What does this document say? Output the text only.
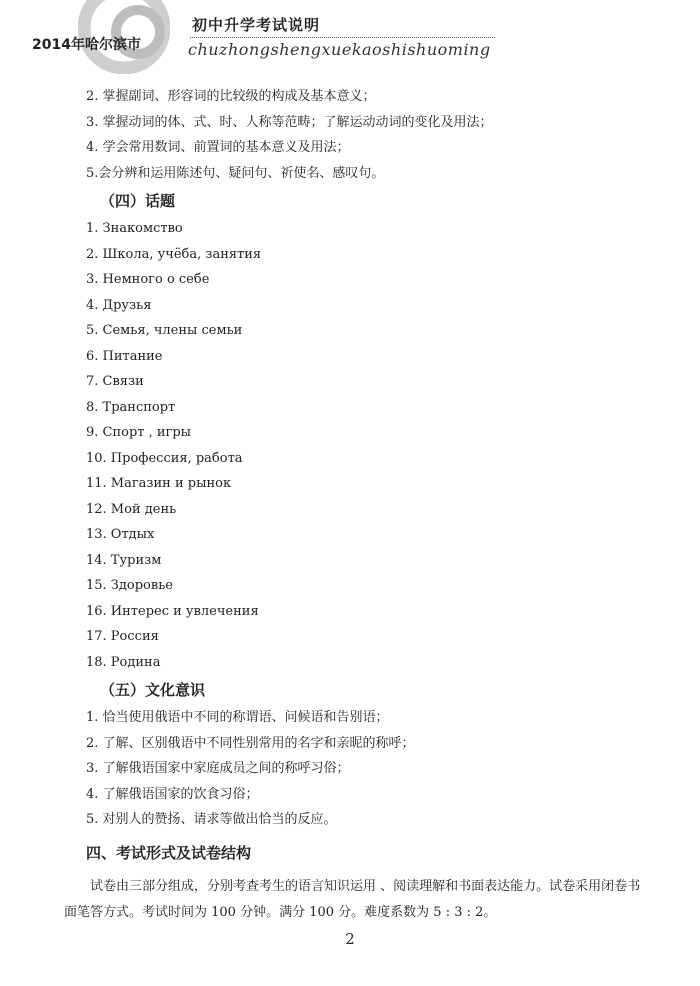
初中升学考试说明
2014年哈尔滨市	chuzhongshengxuekaoshishuoming
2. 掌握副词、形容词的比较级的构成及基本意义；
3. 掌握动词的体、式、时、人称等范畴；了解运动动词的变化及用法；
4. 学会常用数词、前置词的基本意义及用法；
5.会分辨和运用陈述句、疑问句、祈使名、感叹句。
（四）话题
1. Знакомство
2. Школа, учёба, занятия
3. Немного о себе
4. Друзья
5. Семья, члены семьи
6. Питание
7. Связи
8. Транспорт
9. Спорт , игры
10. Профессия, работа
11. Магазин и рынок
12. Мой день
13. Отдых
14. Туризм
15. Здоровье
16. Интерес и увлечения
17. Россия
18. Родина
（五）文化意识
1. 恰当使用俄语中不同的称谓语、问候语和告别语；
2. 了解、区别俄语中不同性别常用的名字和亲昵的称呼；
3. 了解俄语国家中家庭成员之间的称呼习俗；
4. 了解俄语国家的饮食习俗；
5. 对别人的赞扬、请求等做出恰当的反应。
四、考试形式及试卷结构
试卷由三部分组成，分别考查考生的语言知识运用 、阅读理解和书面表达能力。试卷采用闭卷书面笔答方式。考试时间为 100 分钟。满分 100 分。难度系数为 5 : 3 : 2。
2
